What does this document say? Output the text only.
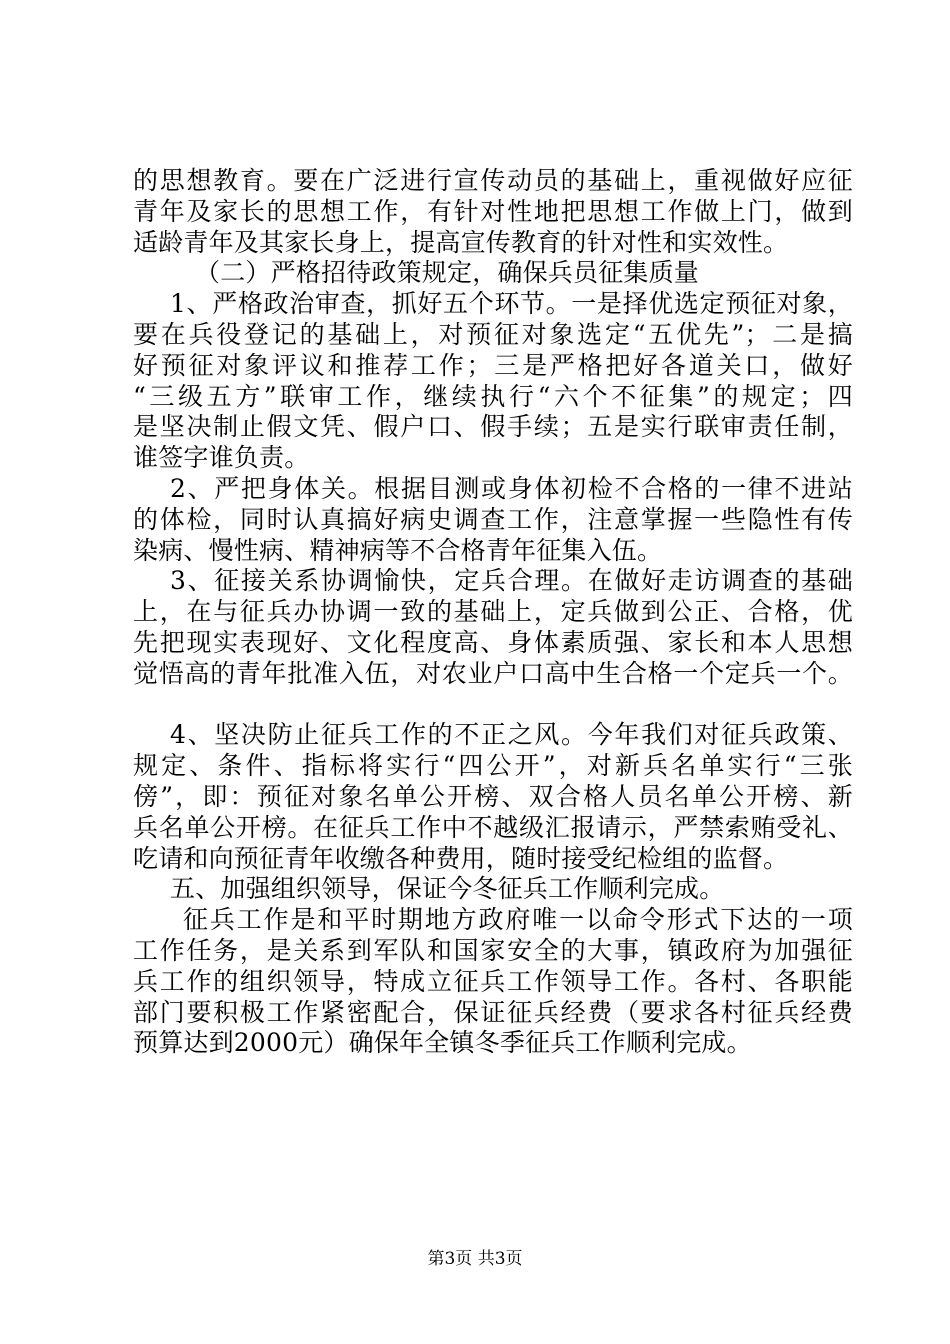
的思想教育。要在广泛进行宣传动员的基础上，重视做好应征
青年及家长的思想工作，有针对性地把思想工作做上门，做到
适龄青年及其家长身上，提高宣传教育的针对性和实效性。
（二）严格招待政策规定，确保兵员征集质量
1、严格政治审查，抓好五个环节。一是择优选定预征对象，
要在兵役登记的基础上，对预征对象选定“五优先”；二是搞
好预征对象评议和推荐工作；三是严格把好各道关口，做好
“三级五方”联审工作，继续执行“六个不征集”的规定；四
是坚决制止假文凭、假户口、假手续；五是实行联审责任制，
谁签字谁负责。
2、严把身体关。根据目测或身体初检不合格的一律不进站
的体检，同时认真搞好病史调查工作，注意掌握一些隐性有传
染病、慢性病、精神病等不合格青年征集入伍。
3、征接关系协调愉快，定兵合理。在做好走访调查的基础
上，在与征兵办协调一致的基础上，定兵做到公正、合格，优
先把现实表现好、文化程度高、身体素质强、家长和本人思想
觉悟高的青年批准入伍，对农业户口高中生合格一个定兵一个。
4、坚决防止征兵工作的不正之风。今年我们对征兵政策、
规定、条件、指标将实行“四公开”，对新兵名单实行“三张
傍”，即：预征对象名单公开榜、双合格人员名单公开榜、新
兵名单公开榜。在征兵工作中不越级汇报请示，严禁索贿受礼、
吃请和向预征青年收缴各种费用，随时接受纪检组的监督。
五、加强组织领导，保证今冬征兵工作顺利完成。
征兵工作是和平时期地方政府唯一以命令形式下达的一项
工作任务，是关系到军队和国家安全的大事，镇政府为加强征
兵工作的组织领导，特成立征兵工作领导工作。各村、各职能
部门要积极工作紧密配合，保证征兵经费（要求各村征兵经费
预算达到2000元）确保年全镇冬季征兵工作顺利完成。
第3页 共3页
